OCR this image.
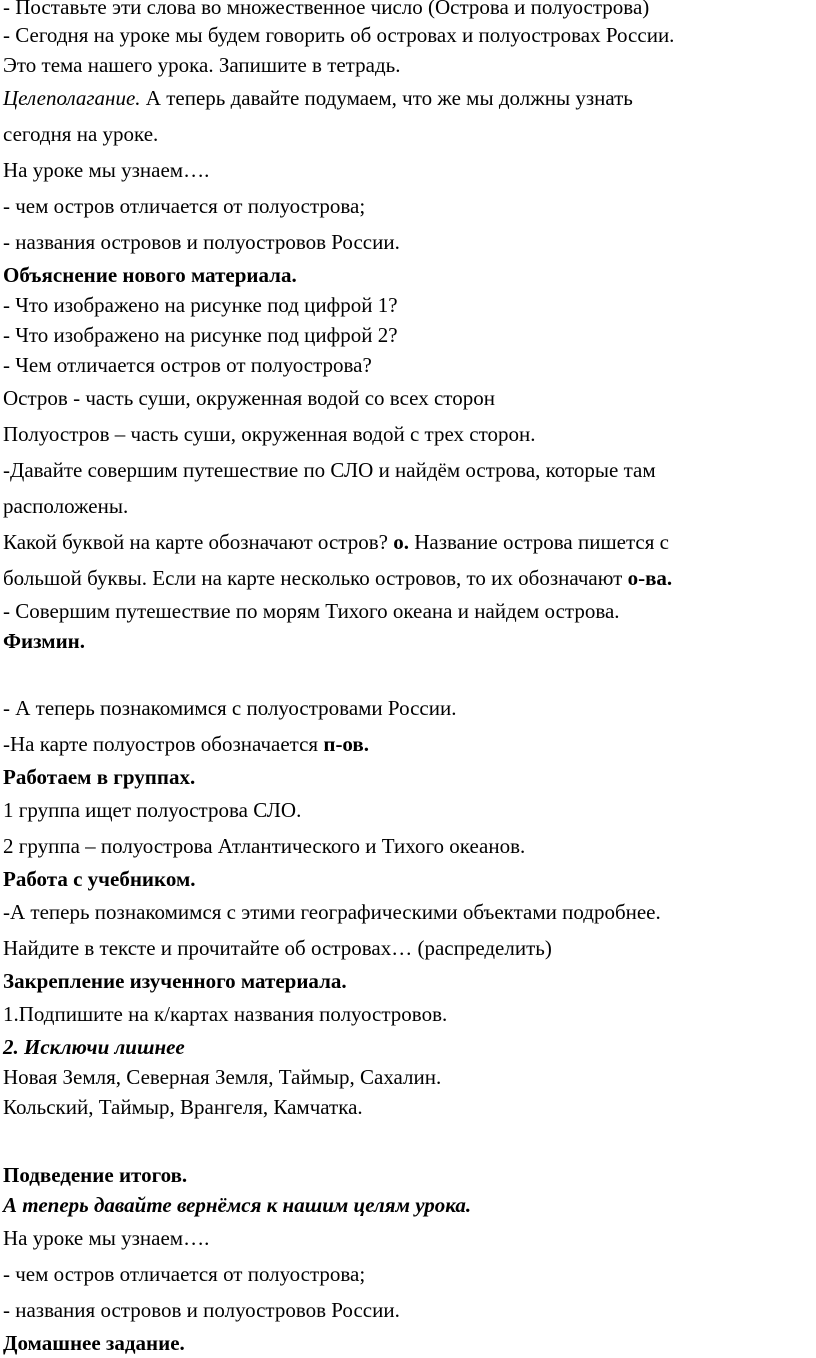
- Поставьте эти слова во множественное число (Острова и полуострова)
- Сегодня на уроке мы будем говорить об островах и полуостровах России.
Это тема нашего урока. Запишите в тетрадь.
Целеполагание. А теперь давайте подумаем, что же мы должны узнать
сегодня на уроке.
На уроке мы узнаем….
- чем остров отличается от полуострова;
- названия островов и полуостровов России.
Объяснение нового материала.
- Что изображено на рисунке под цифрой 1?
- Что изображено на рисунке под цифрой 2?
- Чем отличается остров от полуострова?
Остров - часть суши, окруженная водой со всех сторон
Полуостров – часть суши, окруженная водой с трех сторон.
-Давайте совершим путешествие по СЛО и найдём острова, которые там
расположены.
Какой буквой на карте обозначают остров? о. Название острова пишется с
большой буквы. Если на карте несколько островов, то их обозначают о-ва.
- Совершим путешествие по морям Тихого океана и найдем острова.
Физмин.
- А теперь познакомимся с полуостровами России.
-На карте полуостров обозначается п-ов.
Работаем в группах.
1 группа ищет полуострова СЛО.
2 группа – полуострова Атлантического и Тихого океанов.
Работа с учебником.
-А теперь познакомимся с этими географическими объектами подробнее.
Найдите в тексте и прочитайте об островах… (распределить)
Закрепление изученного материала.
1.Подпишите на к/картах названия полуостровов.
2. Исключи лишнее
Новая Земля, Северная Земля, Таймыр, Сахалин.
Кольский, Таймыр, Врангеля, Камчатка.
Подведение итогов.
А теперь давайте вернёмся к нашим целям урока.
На уроке мы узнаем….
- чем остров отличается от полуострова;
- названия островов и полуостровов России.
Домашнее задание.
